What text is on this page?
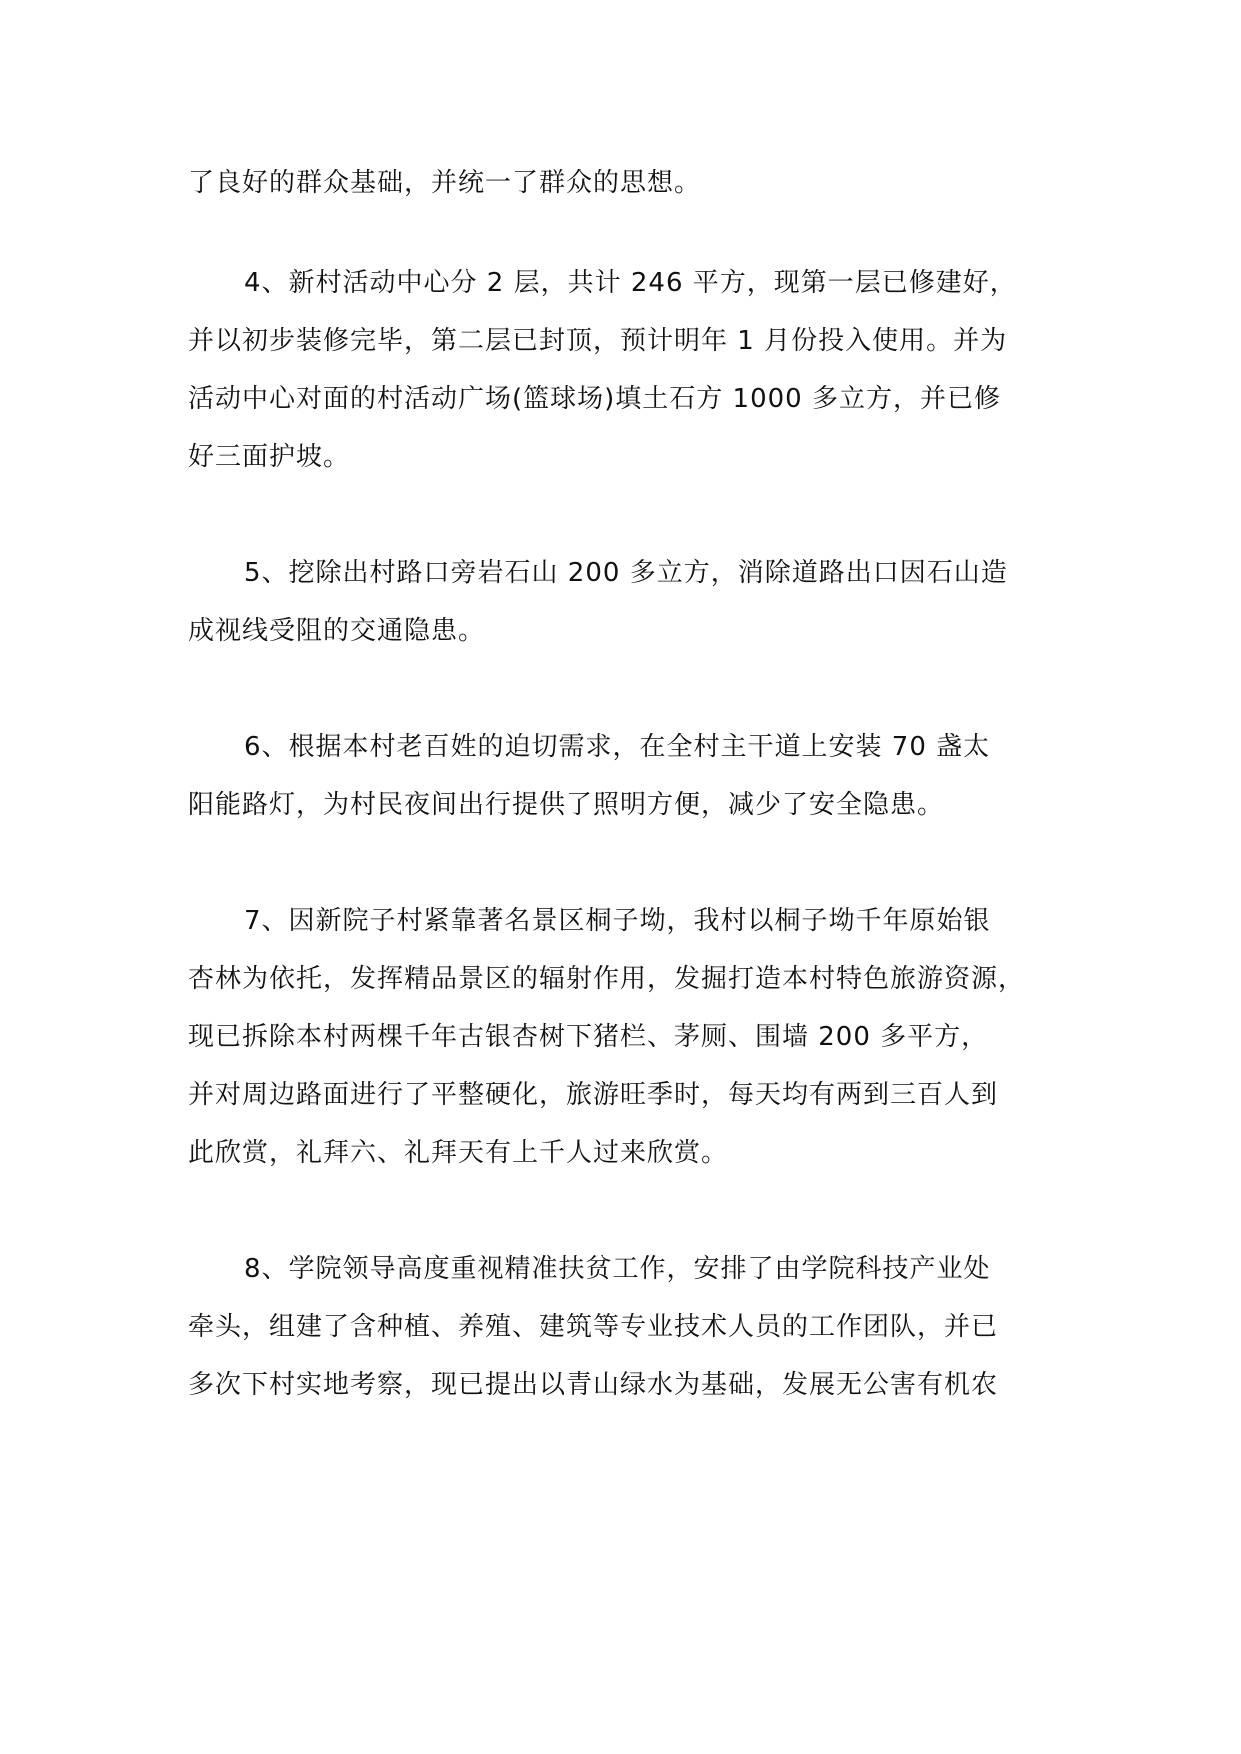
了良好的群众基础，并统一了群众的思想。
4、新村活动中心分 2 层，共计 246 平方，现第一层已修建好，
并以初步装修完毕，第二层已封顶，预计明年 1 月份投入使用。并为
活动中心对面的村活动广场(篮球场)填土石方 1000 多立方，并已修
好三面护坡。
5、挖除出村路口旁岩石山 200 多立方，消除道路出口因石山造
成视线受阻的交通隐患。
6、根据本村老百姓的迫切需求，在全村主干道上安装 70 盏太
阳能路灯，为村民夜间出行提供了照明方便，减少了安全隐患。
7、因新院子村紧靠著名景区桐子坳，我村以桐子坳千年原始银
杏林为依托，发挥精品景区的辐射作用，发掘打造本村特色旅游资源，
现已拆除本村两棵千年古银杏树下猪栏、茅厕、围墙 200 多平方，
并对周边路面进行了平整硬化，旅游旺季时，每天均有两到三百人到
此欣赏，礼拜六、礼拜天有上千人过来欣赏。
8、学院领导高度重视精准扶贫工作，安排了由学院科技产业处
牵头，组建了含种植、养殖、建筑等专业技术人员的工作团队，并已
多次下村实地考察，现已提出以青山绿水为基础，发展无公害有机农
